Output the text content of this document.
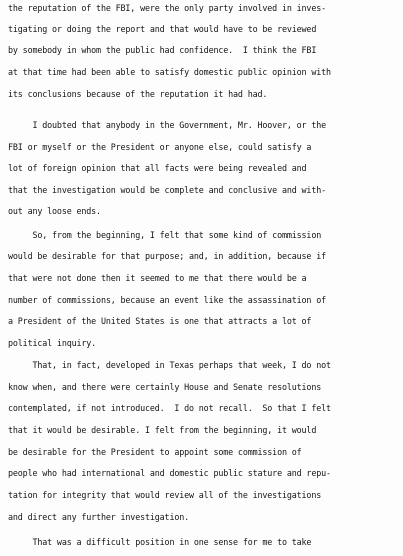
the reputation of the FBI, were the only party involved in inves-
tigating or doing the report and that would have to be reviewed
by somebody in whom the public had confidence.  I think the FBI
at that time had been able to satisfy domestic public opinion with
its conclusions because of the reputation it had had.
I doubted that anybody in the Government, Mr. Hoover, or the
FBI or myself or the President or anyone else, could satisfy a
lot of foreign opinion that all facts were being revealed and
that the investigation would be complete and conclusive and with-
out any loose ends.
So, from the beginning, I felt that some kind of commission
would be desirable for that purpose; and, in addition, because if
that were not done then it seemed to me that there would be a
number of commissions, because an event like the assassination of
a President of the United States is one that attracts a lot of
political inquiry.
That, in fact, developed in Texas perhaps that week, I do not
know when, and there were certainly House and Senate resolutions
contemplated, if not introduced.  I do not recall.  So that I felt
that it would be desirable. I felt from the beginning, it would
be desirable for the President to appoint some commission of
people who had international and domestic public stature and repu-
tation for integrity that would review all of the investigations
and direct any further investigation.
That was a difficult position in one sense for me to take
